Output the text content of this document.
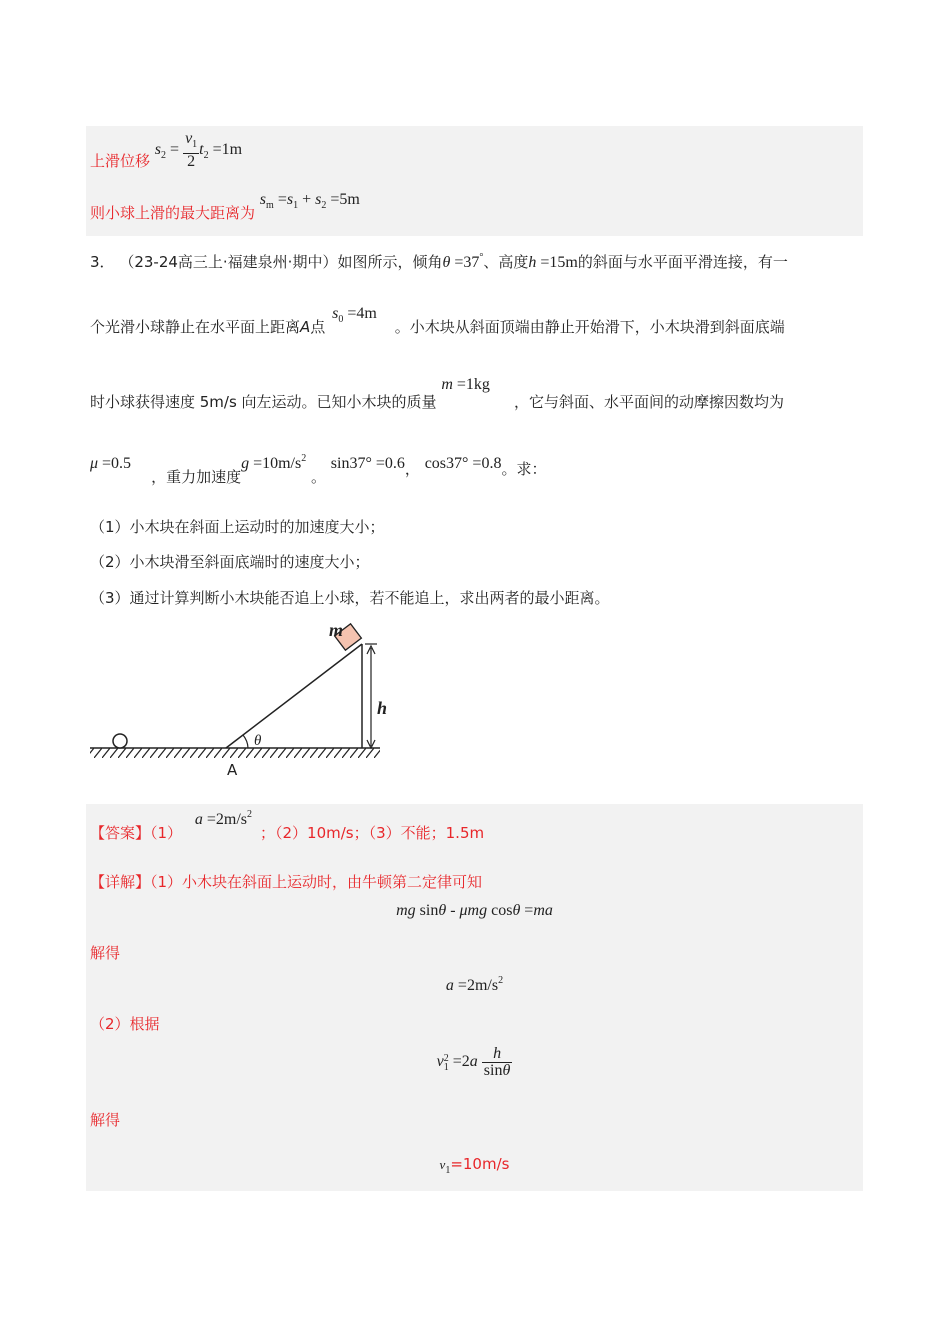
上滑位移 $s_2 = \frac{v_1}{2} t_2 =1m$
则小球上滑的最大距离为 $s_m =s_1 + s_2 =5m$
3． （23-24高三上·福建泉州·期中）如图所示，倾角θ =37°、高度h =15m的斜面与水平面平滑连接，有一
个光滑小球静止在水平面上距离A点 $s_0 =4m$。小木块从斜面顶端由静止开始滑下，小木块滑到斜面底端
时小球获得速度 5m/s 向左运动。已知小木块的质量 m =1kg，它与斜面、水平面间的动摩擦因数均为
μ =0.5，重力加速度$g =10m/s^2$ 。 sin37° =0.6， cos37° =0.8。求：
（1）小木块在斜面上运动时的加速度大小；
（2）小木块滑至斜面底端时的速度大小；
（3）通过计算判断小木块能否追上小球，若不能追上，求出两者的最小距离。
m
h
θ
A
【答案】（1） $a =2m/s^2$；（2）10m/s；（3）不能；1.5m
【详解】（1）小木块在斜面上运动时，由牛顿第二定律可知
mg sinθ - μmg cosθ =ma
解得
$a =2m/s^2$
（2）根据
v2
$1 =2a \frac{h}{\sin\theta}$
解得
$v_1=10m/s$
